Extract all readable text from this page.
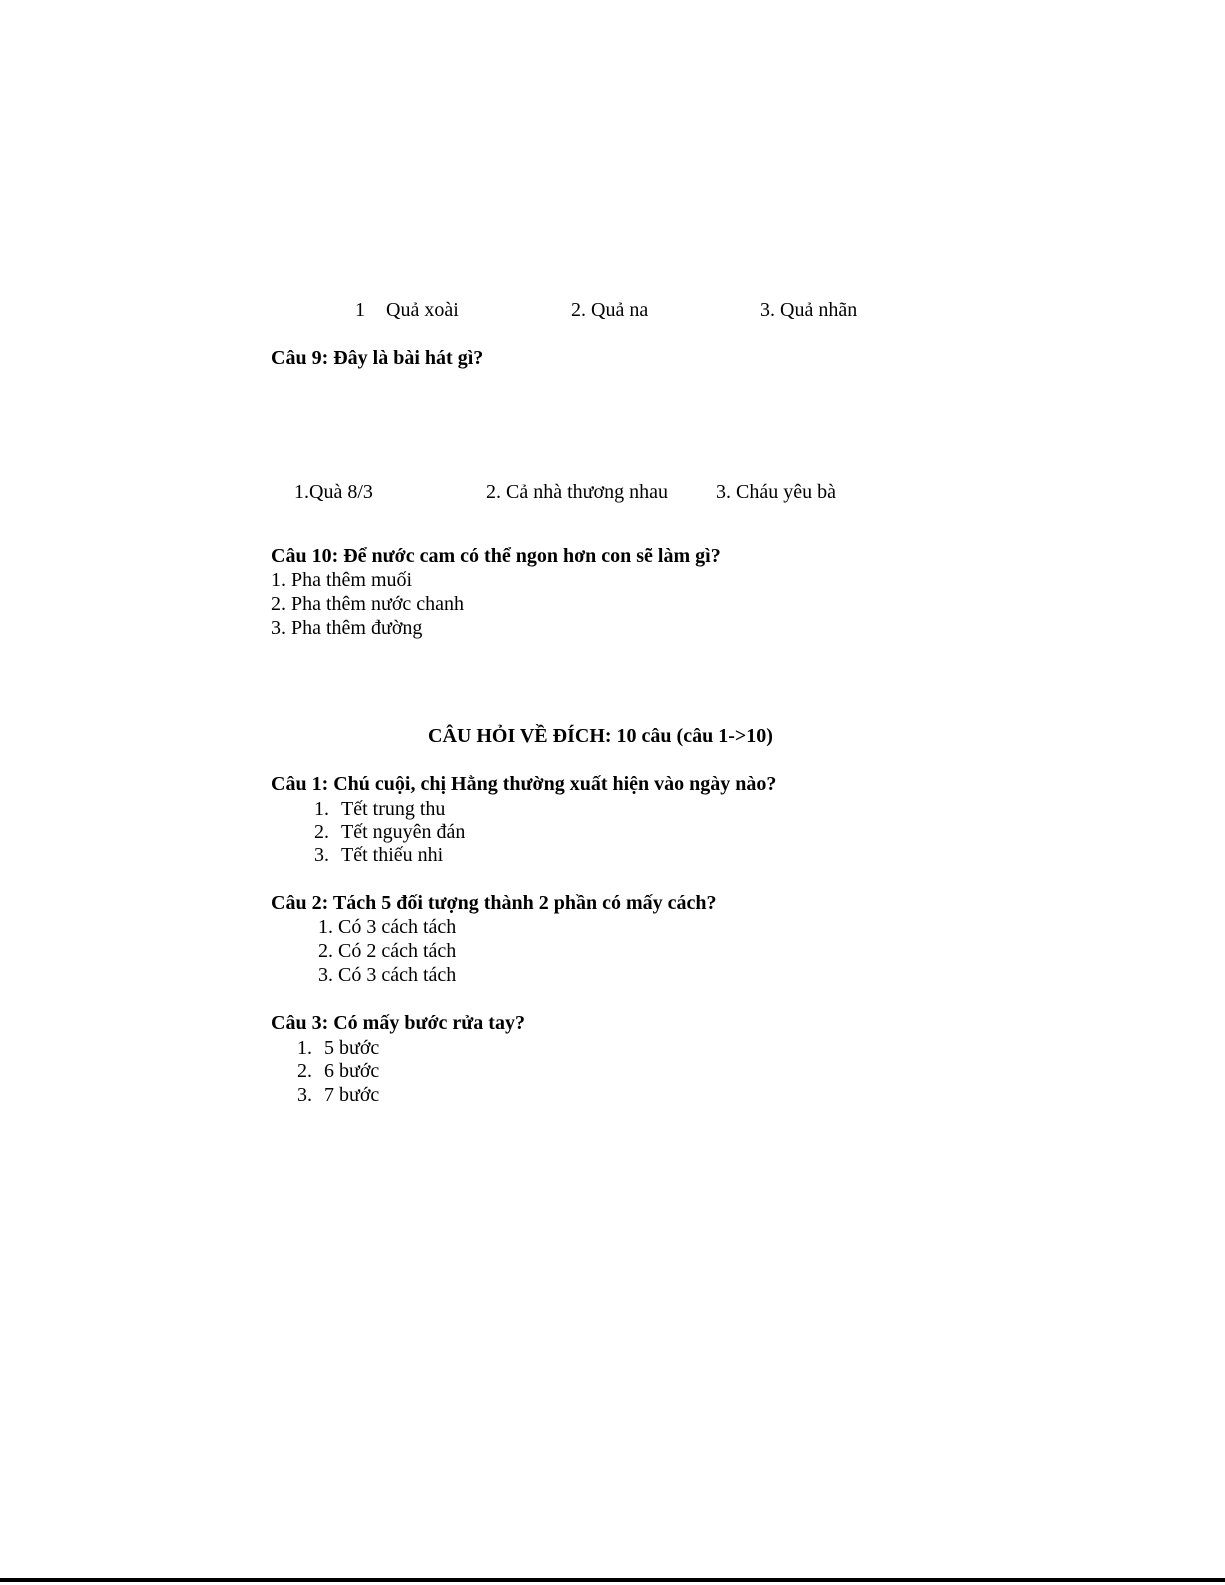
1 Quả xoài	2. Quả na	3. Quả nhãn
Câu 9: Đây là bài hát gì?
1.Quà 8/3	2. Cả nhà thương nhau 3. Cháu yêu bà
Câu 10: Để nước cam có thể ngon hơn con sẽ làm gì?
1. Pha thêm muối
2. Pha thêm nước chanh
3. Pha thêm đường
CÂU HỎI VỀ ĐÍCH: 10 câu (câu 1->10)
Câu 1: Chú cuội, chị Hằng thường xuất hiện vào ngày nào?
1. Tết trung thu
2. Tết nguyên đán
3. Tết thiếu nhi
Câu 2: Tách 5 đối tượng thành 2 phần có mấy cách?
1. Có 3 cách tách
2. Có 2 cách tách
3. Có 3 cách tách
Câu 3: Có mấy bước rửa tay?
1. 5 bước
2. 6 bước
3. 7 bước
